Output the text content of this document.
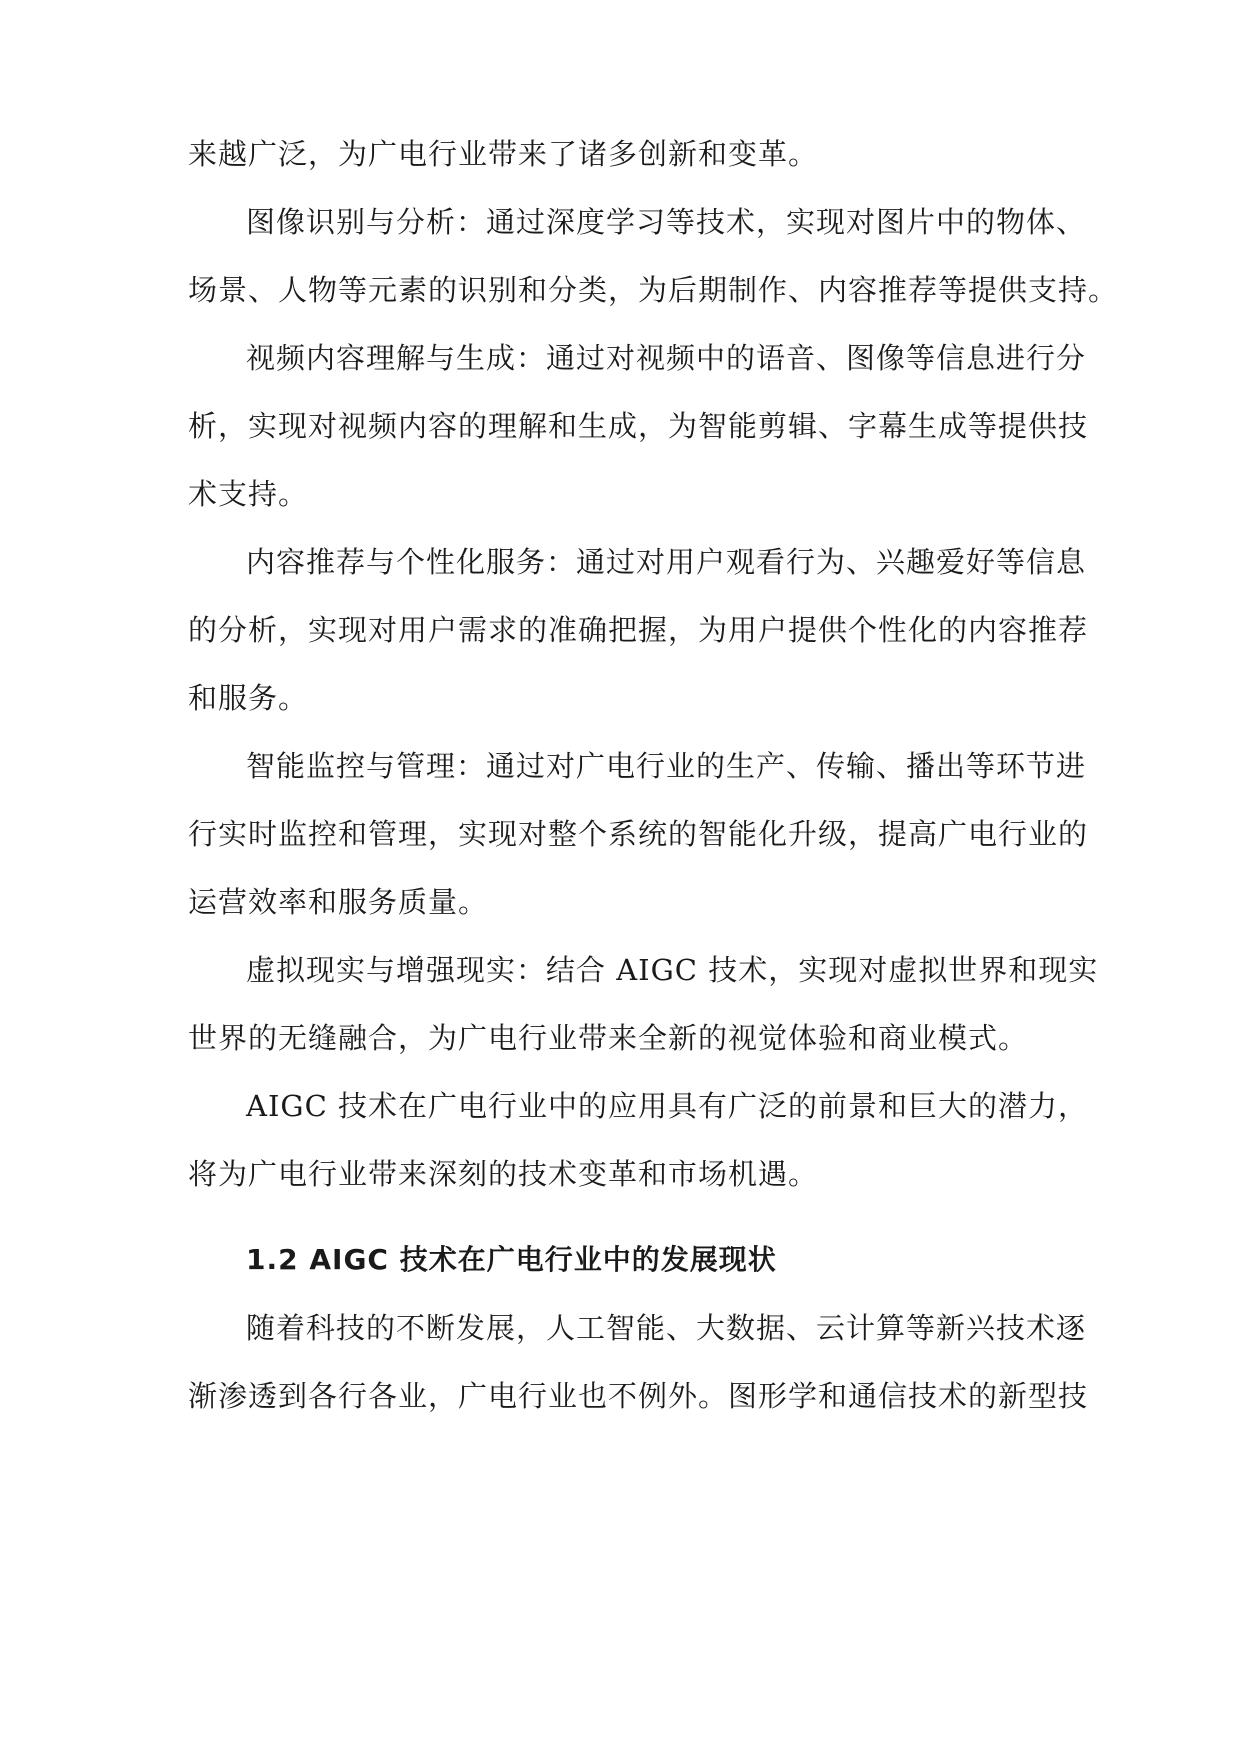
来越广泛，为广电行业带来了诸多创新和变革。
图像识别与分析：通过深度学习等技术，实现对图片中的物体、
场景、人物等元素的识别和分类，为后期制作、内容推荐等提供支持。
视频内容理解与生成：通过对视频中的语音、图像等信息进行分
析，实现对视频内容的理解和生成，为智能剪辑、字幕生成等提供技
术支持。
内容推荐与个性化服务：通过对用户观看行为、兴趣爱好等信息
的分析，实现对用户需求的准确把握，为用户提供个性化的内容推荐
和服务。
智能监控与管理：通过对广电行业的生产、传输、播出等环节进
行实时监控和管理，实现对整个系统的智能化升级，提高广电行业的
运营效率和服务质量。
虚拟现实与增强现实：结合 AIGC 技术，实现对虚拟世界和现实
世界的无缝融合，为广电行业带来全新的视觉体验和商业模式。
AIGC 技术在广电行业中的应用具有广泛的前景和巨大的潜力，
将为广电行业带来深刻的技术变革和市场机遇。
1.2 AIGC 技术在广电行业中的发展现状
随着科技的不断发展，人工智能、大数据、云计算等新兴技术逐
渐渗透到各行各业，广电行业也不例外。图形学和通信技术的新型技
